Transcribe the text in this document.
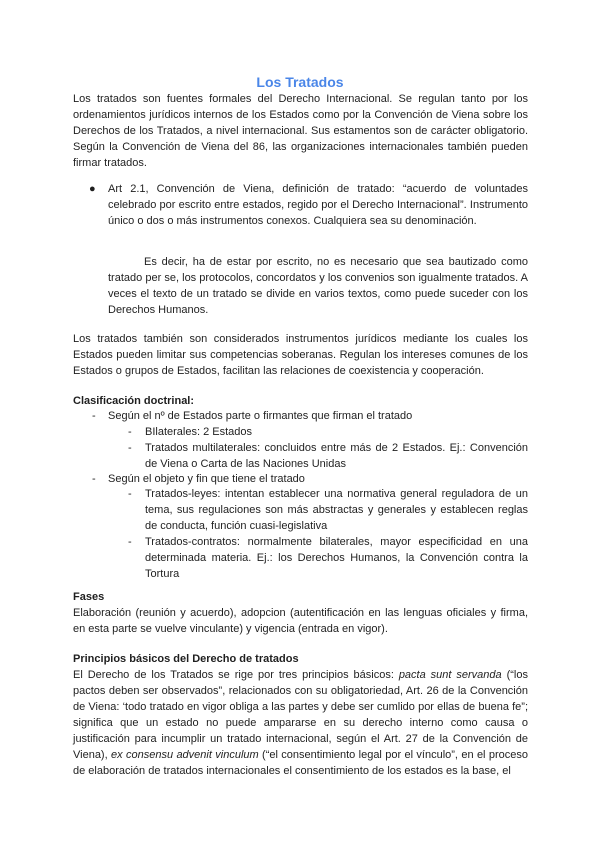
Los Tratados
Los tratados son fuentes formales del Derecho Internacional. Se regulan tanto por los ordenamientos jurídicos internos de los Estados como por la Convención de Viena sobre los Derechos de los Tratados, a nivel internacional. Sus estamentos son de carácter obligatorio. Según la Convención de Viena del 86, las organizaciones internacionales también pueden firmar tratados.
● Art 2.1, Convención de Viena, definición de tratado: “acuerdo de voluntades celebrado por escrito entre estados, regido por el Derecho Internacional”. Instrumento único o dos o más instrumentos conexos. Cualquiera sea su denominación.
Es decir, ha de estar por escrito, no es necesario que sea bautizado como tratado per se, los protocolos, concordatos y los convenios son igualmente tratados. A veces el texto de un tratado se divide en varios textos, como puede suceder con los Derechos Humanos.
Los tratados también son considerados instrumentos jurídicos mediante los cuales los Estados pueden limitar sus competencias soberanas. Regulan los intereses comunes de los Estados o grupos de Estados, facilitan las relaciones de coexistencia y cooperación.
Clasificación doctrinal:
- Según el nº de Estados parte o firmantes que firman el tratado
- BIlaterales: 2 Estados
- Tratados multilaterales: concluidos entre más de 2 Estados. Ej.: Convención de Viena o Carta de las Naciones Unidas
- Según el objeto y fin que tiene el tratado
- Tratados-leyes: intentan establecer una normativa general reguladora de un tema, sus regulaciones son más abstractas y generales y establecen reglas de conducta, función cuasi-legislativa
- Tratados-contratos: normalmente bilaterales, mayor especificidad en una determinada materia. Ej.: los Derechos Humanos, la Convención contra la Tortura
Fases
Elaboración (reunión y acuerdo), adopcion (autentificación en las lenguas oficiales y firma, en esta parte se vuelve vinculante) y vigencia (entrada en vigor).
Principios básicos del Derecho de tratados
El Derecho de los Tratados se rige por tres principios básicos: pacta sunt servanda (“los pactos deben ser observados”, relacionados con su obligatoriedad, Art. 26 de la Convención de Viena: ‘todo tratado en vigor obliga a las partes y debe ser cumlido por ellas de buena fe”; significa que un estado no puede ampararse en su derecho interno como causa o justificación para incumplir un tratado internacional, según el Art. 27 de la Convención de Viena), ex consensu advenit vinculum (“el consentimiento legal por el vínculo”, en el proceso de elaboración de tratados internacionales el consentimiento de los estados es la base, el
